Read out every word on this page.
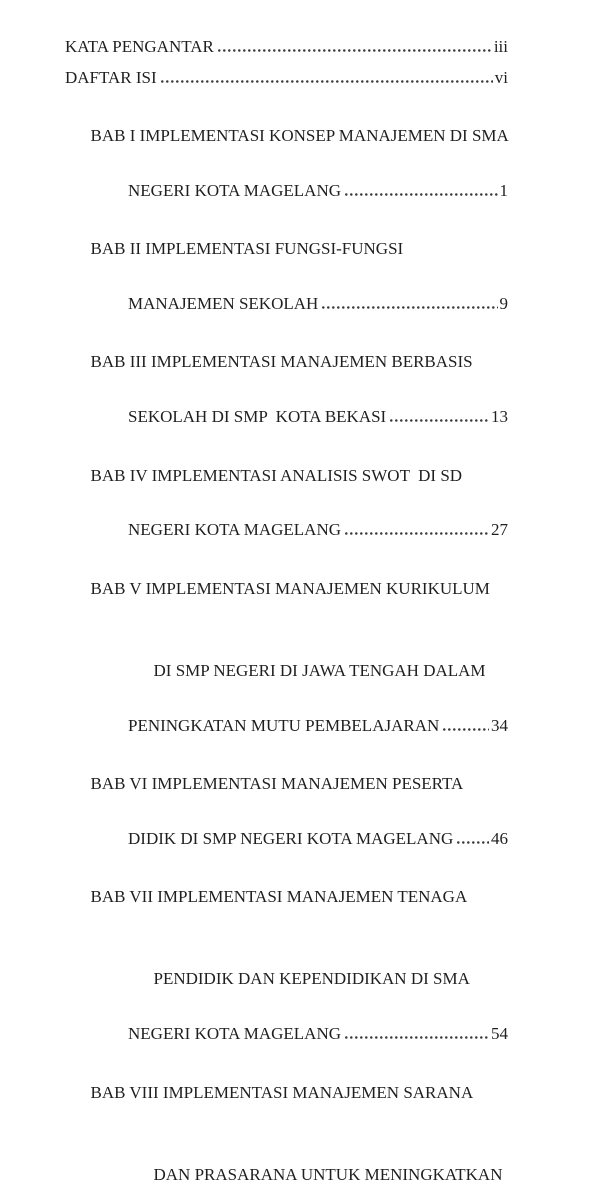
KATA PENGANTAR	iii
DAFTAR ISI	vi

BAB I IMPLEMENTASI KONSEP MANAJEMEN DI SMA

NEGERI KOTA MAGELANG	1

BAB II IMPLEMENTASI FUNGSI-FUNGSI

MANAJEMEN SEKOLAH	9

BAB III IMPLEMENTASI MANAJEMEN BERBASIS

SEKOLAH DI SMP  KOTA BEKASI	13

BAB IV IMPLEMENTASI ANALISIS SWOT  DI SD

NEGERI KOTA MAGELANG	27

BAB V IMPLEMENTASI MANAJEMEN KURIKULUM

DI SMP NEGERI DI JAWA TENGAH DALAM

PENINGKATAN MUTU PEMBELAJARAN	34

BAB VI IMPLEMENTASI MANAJEMEN PESERTA

DIDIK DI SMP NEGERI KOTA MAGELANG 46

BAB VII IMPLEMENTASI MANAJEMEN TENAGA

PENDIDIK DAN KEPENDIDIKAN DI SMA

NEGERI KOTA MAGELANG	54

BAB VIII IMPLEMENTASI MANAJEMEN SARANA

DAN PRASARANA UNTUK MENINGKATKAN
